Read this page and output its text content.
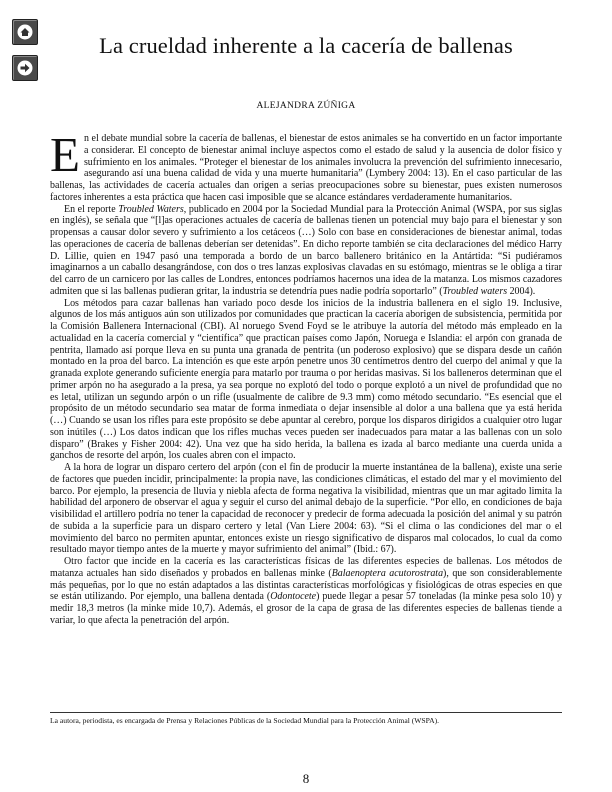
La crueldad inherente a la cacería de ballenas
ALEJANDRA ZÚÑIGA

En el debate mundial sobre la cacería de ballenas, el bienestar de estos animales se ha convertido en un factor importante a considerar. El concepto de bienestar animal incluye aspectos como el estado de salud y la ausencia de dolor físico y sufrimiento en los animales. “Proteger el bienestar de los animales involucra la prevención del sufrimiento innecesario, asegurando así una buena calidad de vida y una muerte humanitaria” (Lymbery 2004: 13). En el caso particular de las ballenas, las actividades de cacería actuales dan origen a serias preocupaciones sobre su bienestar, pues existen numerosos factores inherentes a esta práctica que hacen casi imposible que se alcance estándares verdaderamente humanitarios.

En el reporte Troubled Waters, publicado en 2004 por la Sociedad Mundial para la Protección Animal (WSPA, por sus siglas en inglés), se señala que “[l]as operaciones actuales de cacería de ballenas tienen un potencial muy bajo para el bienestar y son propensas a causar dolor severo y sufrimiento a los cetáceos (…) Solo con base en consideraciones de bienestar animal, todas las operaciones de cacería de ballenas deberían ser detenidas”. En dicho reporte también se cita declaraciones del médico Harry D. Lillie, quien en 1947 pasó una temporada a bordo de un barco ballenero británico en la Antártida: “Si pudiéramos imaginarnos a un caballo desangrándose, con dos o tres lanzas explosivas clavadas en su estómago, mientras se le obliga a tirar del carro de un carnicero por las calles de Londres, entonces podríamos hacernos una idea de la matanza. Los mismos cazadores admiten que si las ballenas pudieran gritar, la industria se detendría pues nadie podría soportarlo” (Troubled waters 2004).

Los métodos para cazar ballenas han variado poco desde los inicios de la industria ballenera en el siglo 19. Inclusive, algunos de los más antiguos aún son utilizados por comunidades que practican la cacería aborigen de subsistencia, permitida por la Comisión Ballenera Internacional (CBI). Al noruego Svend Foyd se le atribuye la autoría del método más empleado en la actualidad en la cacería comercial y “científica” que practican países como Japón, Noruega e Islandia: el arpón con granada de pentrita, llamado así porque lleva en su punta una granada de pentrita (un poderoso explosivo) que se dispara desde un cañón montado en la proa del barco. La intención es que este arpón penetre unos 30 centímetros dentro del cuerpo del animal y que la granada explote generando suficiente energía para matarlo por trauma o por heridas masivas. Si los balleneros determinan que el primer arpón no ha asegurado a la presa, ya sea porque no explotó del todo o porque explotó a un nivel de profundidad que no es letal, utilizan un segundo arpón o un rifle (usualmente de calibre de 9.3 mm) como método secundario. “Es esencial que el propósito de un método secundario sea matar de forma inmediata o dejar insensible al dolor a una ballena que ya está herida (…) Cuando se usan los rifles para este propósito se debe apuntar al cerebro, porque los disparos dirigidos a cualquier otro lugar son inútiles (…) Los datos indican que los rifles muchas veces pueden ser inadecuados para matar a las ballenas con un solo disparo” (Brakes y Fisher 2004: 42). Una vez que ha sido herida, la ballena es izada al barco mediante una cuerda unida a ganchos de resorte del arpón, los cuales abren con el impacto.

A la hora de lograr un disparo certero del arpón (con el fin de producir la muerte instantánea de la ballena), existe una serie de factores que pueden incidir, principalmente: la propia nave, las condiciones climáticas, el estado del mar y el movimiento del barco. Por ejemplo, la presencia de lluvia y niebla afecta de forma negativa la visibilidad, mientras que un mar agitado limita la habilidad del arponero de observar el agua y seguir el curso del animal debajo de la superficie. “Por ello, en condiciones de baja visibilidad el artillero podría no tener la capacidad de reconocer y predecir de forma adecuada la posición del animal y su patrón de subida a la superficie para un disparo certero y letal (Van Liere 2004: 63). “Si el clima o las condiciones del mar o el movimiento del barco no permiten apuntar, entonces existe un riesgo significativo de disparos mal colocados, lo cual da como resultado mayor tiempo antes de la muerte y mayor sufrimiento del animal” (Ibid.: 67).

Otro factor que incide en la cacería es las características físicas de las diferentes especies de ballenas. Los métodos de matanza actuales han sido diseñados y probados en ballenas minke (Balaenoptera acutorostrata), que son considerablemente más pequeñas, por lo que no están adaptados a las distintas características morfológicas y fisiológicas de otras especies en que se están utilizando. Por ejemplo, una ballena dentada (Odontocete) puede llegar a pesar 57 toneladas (la minke pesa solo 10) y medir 18,3 metros (la minke mide 10,7). Además, el grosor de la capa de grasa de las diferentes especies de ballenas tiende a variar, lo que afecta la penetración del arpón.

La autora, periodista, es encargada de Prensa y Relaciones Públicas de la Sociedad Mundial para la Protección Animal (WSPA).
8
